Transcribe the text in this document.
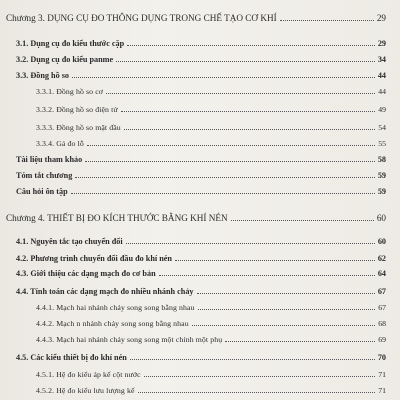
Chương 3. DỤNG CỤ ĐO THÔNG DỤNG TRONG CHẾ TẠO CƠ KHÍ	29
3.1. Dụng cụ đo kiểu thước cặp	29
3.2. Dụng cụ đo kiểu panme	34
3.3. Đồng hồ so	44
3.3.1. Đồng hồ so cơ	44
3.3.2. Đồng hồ so điện tử	49
3.3.3. Đồng hồ so mặt đầu	54
3.3.4. Gá đo lỗ	55
Tài liệu tham khảo	58
Tóm tắt chương	59
Câu hỏi ôn tập	59
Chương 4. THIẾT BỊ ĐO KÍCH THƯỚC BẰNG KHÍ NÉN	60
4.1. Nguyên tắc tạo chuyển đổi	60
4.2. Phương trình chuyển đổi đầu đo khí nén	62
4.3. Giới thiệu các dạng mạch đo cơ bản	64
4.4. Tính toán các dạng mạch đo nhiều nhánh chảy	67
4.4.1. Mạch hai nhánh chảy song song bằng nhau	67
4.4.2. Mạch n nhánh chảy song song bằng nhau	68
4.4.3. Mạch hai nhánh chảy song song một chính một phụ	69
4.5. Các kiểu thiết bị đo khí nén	70
4.5.1. Hệ đo kiểu áp kế cột nước	71
4.5.2. Hệ đo kiểu lưu lượng kế	71
